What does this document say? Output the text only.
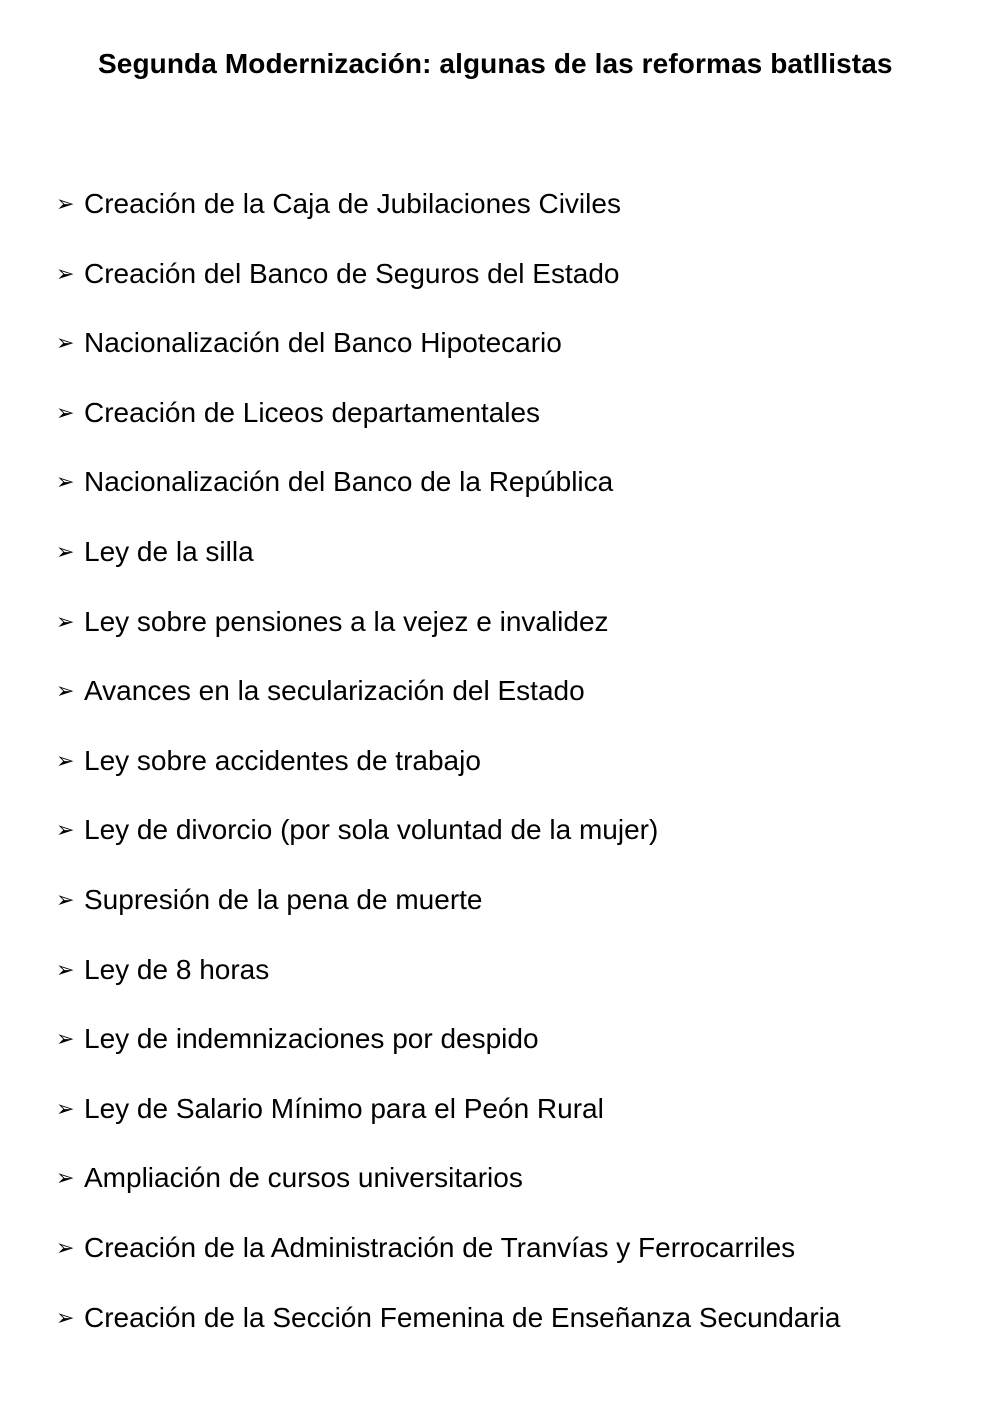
Segunda Modernización: algunas de las reformas batllistas
➢ Creación de la Caja de Jubilaciones Civiles
➢ Creación del Banco de Seguros del Estado
➢ Nacionalización del Banco Hipotecario
➢ Creación de Liceos departamentales
➢ Nacionalización del Banco de la República
➢ Ley de la silla
➢ Ley sobre pensiones a la vejez e invalidez
➢ Avances en la secularización del Estado
➢ Ley sobre accidentes de trabajo
➢ Ley de divorcio (por sola voluntad de la mujer)
➢ Supresión de la pena de muerte
➢ Ley de 8 horas
➢ Ley de indemnizaciones por despido
➢ Ley de Salario Mínimo para el Peón Rural
➢ Ampliación de cursos universitarios
➢ Creación de la Administración de Tranvías y Ferrocarriles
➢ Creación de la Sección Femenina de Enseñanza Secundaria
